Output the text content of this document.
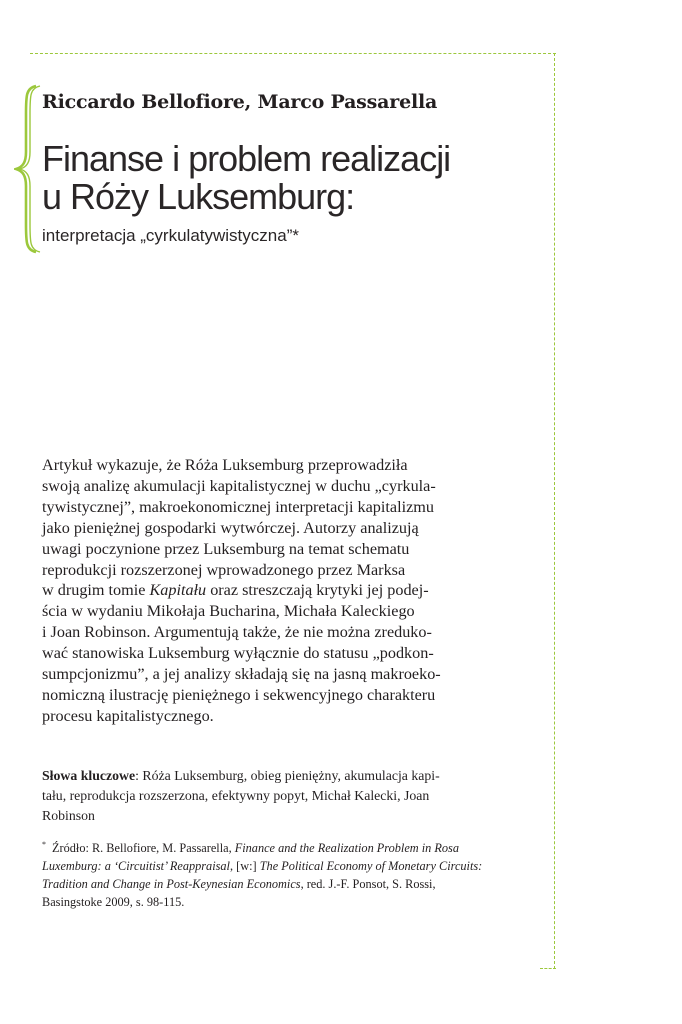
Riccardo Bellofiore, Marco Passarella
Finanse i problem realizacji
u Róży Luksemburg:

interpretacja „cyrkulatywistyczna”*

Artykuł wykazuje, że Róża Luksemburg przeprowadziła
swoją analizę akumulacji kapitalistycznej w duchu „cyrkula-
tywistycznej”, makroekonomicznej interpretacji kapitalizmu
jako pieniężnej gospodarki wytwórczej. Autorzy analizują
uwagi poczynione przez Luksemburg na temat schematu
reprodukcji rozszerzonej wprowadzonego przez Marksa
w drugim tomie Kapitału oraz streszczają krytyki jej podej-
ścia w wydaniu Mikołaja Bucharina, Michała Kaleckiego
i Joan Robinson. Argumentują także, że nie można zreduko-
wać stanowiska Luksemburg wyłącznie do statusu „podkon-
sumpcjonizmu”, a jej analizy składają się na jasną makroeko-
nomiczną ilustrację pieniężnego i sekwencyjnego charakteru
procesu kapitalistycznego.
Słowa kluczowe: Róża Luksemburg, obieg pieniężny, akumulacja kapi-
tału, reprodukcja rozszerzona, efektywny popyt, Michał Kalecki, Joan
Robinson
* Źródło: R. Bellofiore, M. Passarella, Finance and the Realization Problem in Rosa
Luxemburg: a ‘Circuitist’ Reappraisal, [w:] The Political Economy of Monetary Circuits:
Tradition and Change in Post-Keynesian Economics, red. J.-F. Ponsot, S. Rossi,
Basingstoke 2009, s. 98-115.
